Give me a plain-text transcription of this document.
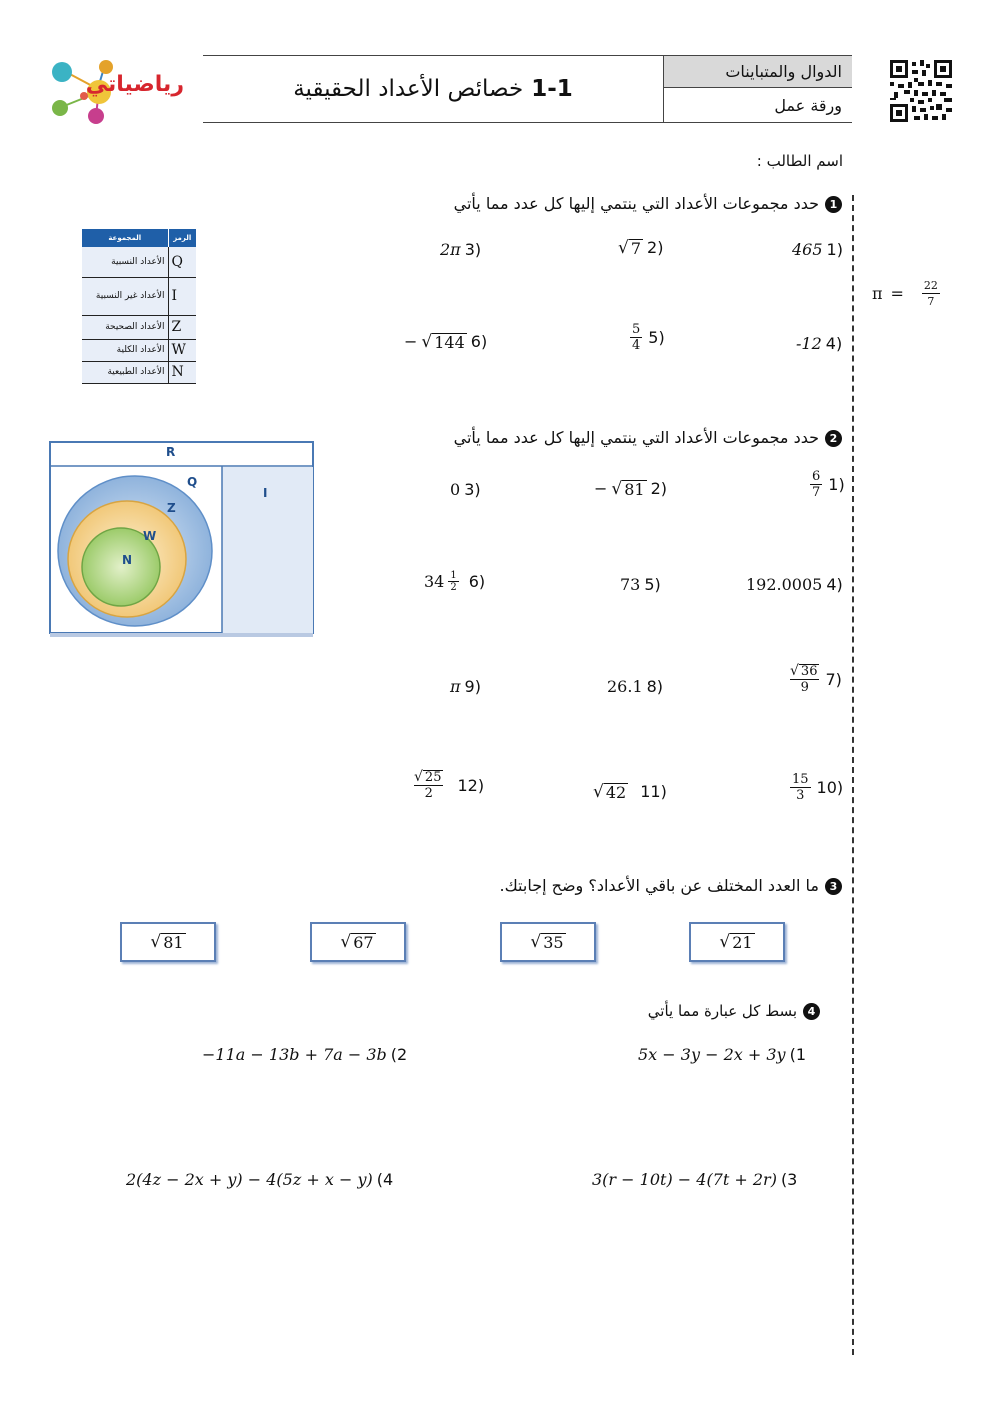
الدوال والمتباينات
ورقة عمل
1-1 خصائص الأعداد الحقيقية
رياضياتي
اسم الطالب :
$\pi = \frac{22}{7}$
1حدد مجموعات الأعداد التي ينتمي إليها كل عدد مما يأتي
465 1)
√ 7 2)
2π 3)
-12 4)
$\frac{5}{4} 5$)
− √ 144 6)
المجموعة	الرمز
الأعداد النسبية	Q
الأعداد غير النسبية	I
الأعداد الصحيحة	Z
الأعداد الكلية	W
الأعداد الطبيعية	N
R
Q
Z
W
N
I
2حدد مجموعات الأعداد التي ينتمي إليها كل عدد مما يأتي
$\frac{6}{7} 1$)
− √ 81 2)
0 3)
192.0005 4)
73 5)
$34 \frac{1}{2} 6$)
$\frac{√ 36}{9} 7$)
26.1 8)
π 9)
$\frac{15}{3} 10$)
√ 42 11)
$\frac{√ 25}{2} 12$)
3ما العدد المختلف عن باقي الأعداد؟ وضح إجابتك.
√ 21
√ 35
√ 67
√ 81
4بسط كل عبارة مما يأتي
5x − 3y − 2x + 3y (1
−11a − 13b + 7a − 3b (2
3(r − 10t) − 4(7t + 2r) (3
2(4z − 2x + y) − 4(5z + x − y) (4
